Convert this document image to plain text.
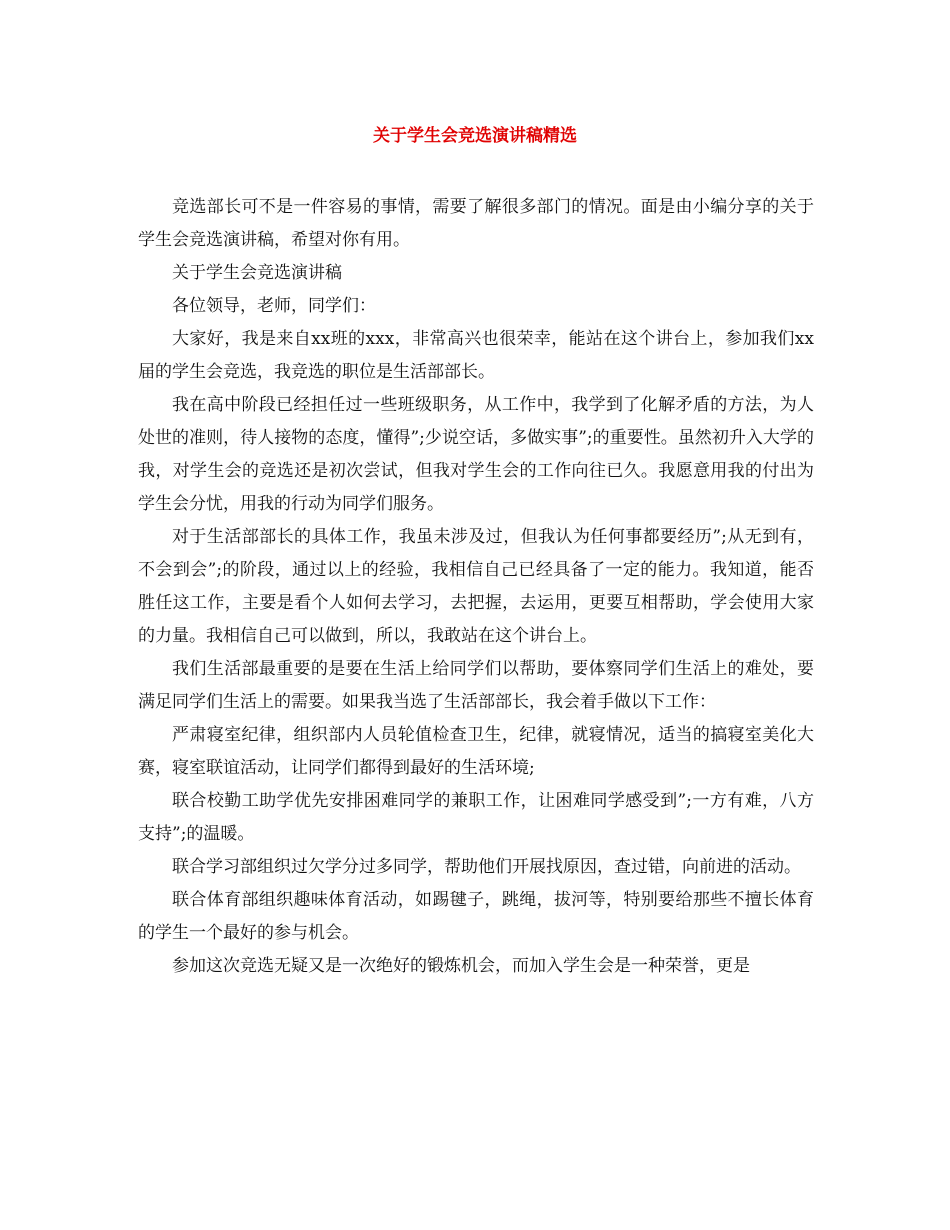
关于学生会竞选演讲稿精选

竞选部长可不是一件容易的事情，需要了解很多部门的情况。面是由小编分享的关于学生会竞选演讲稿，希望对你有用。

关于学生会竞选演讲稿

各位领导，老师，同学们：

大家好，我是来自xx班的xxx，非常高兴也很荣幸，能站在这个讲台上，参加我们xx届的学生会竞选，我竞选的职位是生活部部长。

我在高中阶段已经担任过一些班级职务，从工作中，我学到了化解矛盾的方法，为人处世的准则，待人接物的态度，懂得”;少说空话，多做实事”;的重要性。虽然初升入大学的我，对学生会的竞选还是初次尝试，但我对学生会的工作向往已久。我愿意用我的付出为学生会分忧，用我的行动为同学们服务。

对于生活部部长的具体工作，我虽未涉及过，但我认为任何事都要经历”;从无到有，不会到会”;的阶段，通过以上的经验，我相信自己已经具备了一定的能力。我知道，能否胜任这工作，主要是看个人如何去学习，去把握，去运用，更要互相帮助，学会使用大家的力量。我相信自己可以做到，所以，我敢站在这个讲台上。

我们生活部最重要的是要在生活上给同学们以帮助，要体察同学们生活上的难处，要满足同学们生活上的需要。如果我当选了生活部部长，我会着手做以下工作：

严肃寝室纪律，组织部内人员轮值检查卫生，纪律，就寝情况，适当的搞寝室美化大赛，寝室联谊活动，让同学们都得到最好的生活环境;

联合校勤工助学优先安排困难同学的兼职工作，让困难同学感受到”;一方有难，八方支持”;的温暖。

联合学习部组织过欠学分过多同学，帮助他们开展找原因，查过错，向前进的活动。

联合体育部组织趣味体育活动，如踢毽子，跳绳，拔河等，特别要给那些不擅长体育的学生一个最好的参与机会。

参加这次竞选无疑又是一次绝好的锻炼机会，而加入学生会是一种荣誉，更是
